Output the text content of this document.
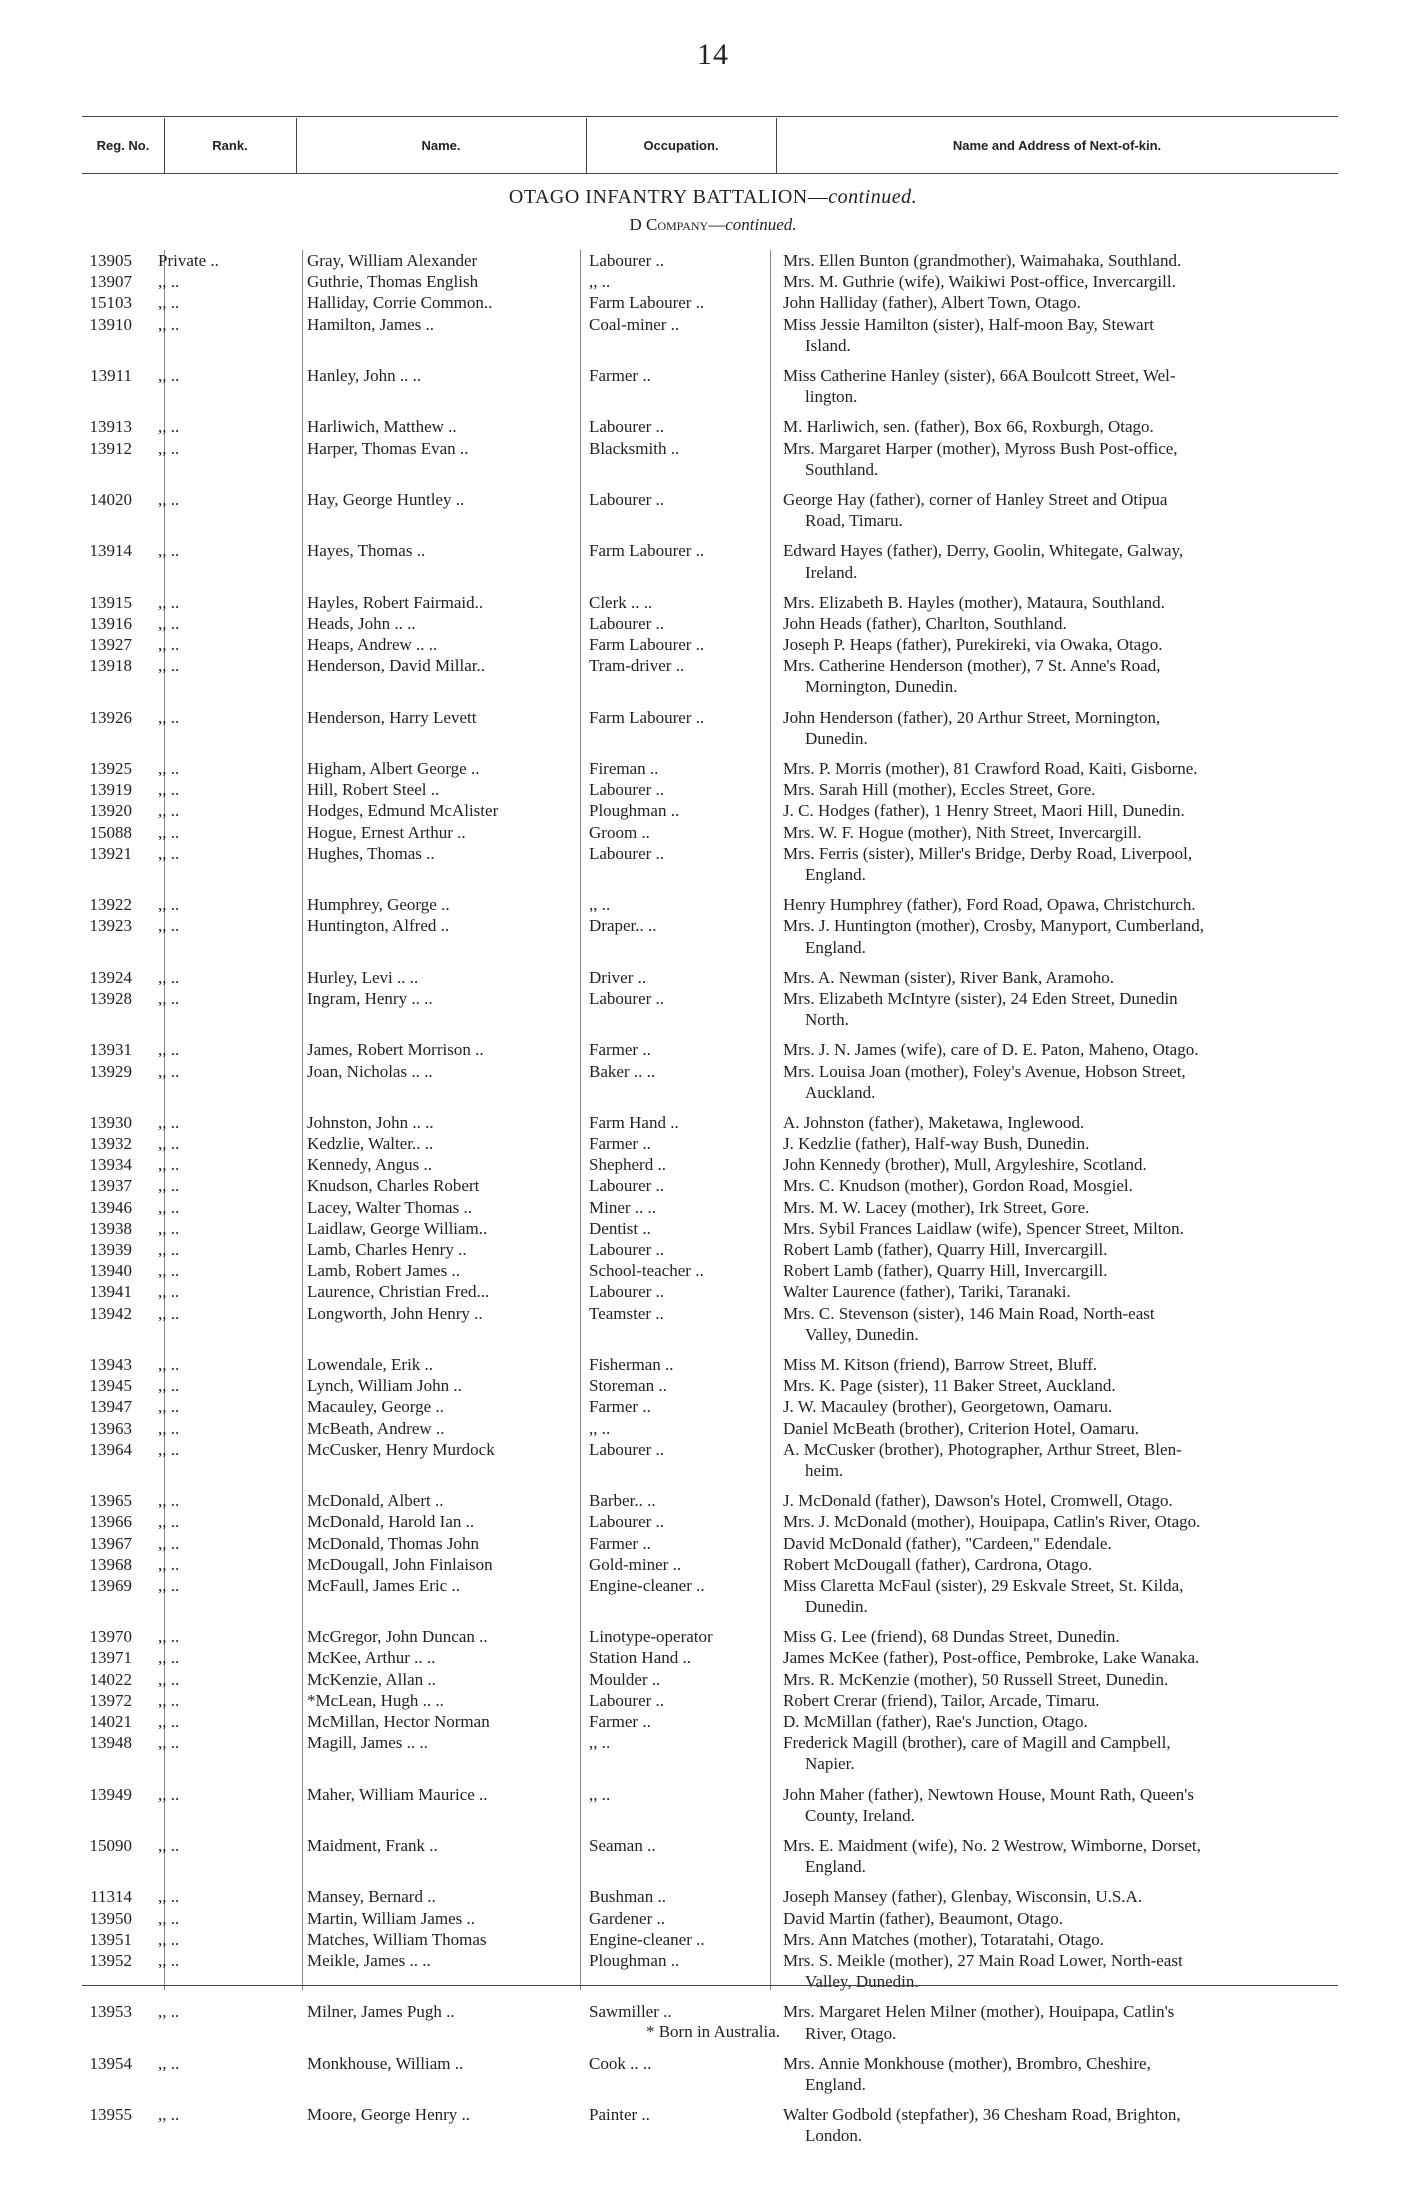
14
Reg. No.	Rank.	Name.	Occupation.	Name and Address of Next-of-kin.
OTAGO INFANTRY BATTALION—continued.
D Company—continued.
13905 Private ..	Gray, William Alexander	Labourer ..	Mrs. Ellen Bunton (grandmother), Waimahaka, Southland.
13907 ,, ..	Guthrie, Thomas English	,, ..	Mrs. M. Guthrie (wife), Waikiwi Post-office, Invercargill.
15103 ,, ..	Halliday, Corrie Common..	Farm Labourer ..	John Halliday (father), Albert Town, Otago.
13910 ,, ..	Hamilton, James ..	Coal-miner ..	Miss Jessie Hamilton (sister), Half-moon Bay, Stewart
Island.
13911 ,, ..	Hanley, John .. ..	Farmer ..	Miss Catherine Hanley (sister), 66A Boulcott Street, Wel-
lington.
13913 ,, ..	Harliwich, Matthew ..	Labourer ..	M. Harliwich, sen. (father), Box 66, Roxburgh, Otago.
13912 ,, ..	Harper, Thomas Evan ..	Blacksmith ..	Mrs. Margaret Harper (mother), Myross Bush Post-office,
Southland.
14020 ,, ..	Hay, George Huntley ..	Labourer ..	George Hay (father), corner of Hanley Street and Otipua
Road, Timaru.
13914 ,, ..	Hayes, Thomas ..	Farm Labourer ..	Edward Hayes (father), Derry, Goolin, Whitegate, Galway,
Ireland.
13915 ,, ..	Hayles, Robert Fairmaid..	Clerk .. ..	Mrs. Elizabeth B. Hayles (mother), Mataura, Southland.
13916 ,, ..	Heads, John .. ..	Labourer ..	John Heads (father), Charlton, Southland.
13927 ,, ..	Heaps, Andrew .. ..	Farm Labourer ..	Joseph P. Heaps (father), Purekireki, via Owaka, Otago.
13918 ,, ..	Henderson, David Millar..	Tram-driver ..	Mrs. Catherine Henderson (mother), 7 St. Anne's Road,
Mornington, Dunedin.
13926 ,, ..	Henderson, Harry Levett	Farm Labourer ..	John Henderson (father), 20 Arthur Street, Mornington,
Dunedin.
13925 ,, ..	Higham, Albert George ..	Fireman ..	Mrs. P. Morris (mother), 81 Crawford Road, Kaiti, Gisborne.
13919 ,, ..	Hill, Robert Steel ..	Labourer ..	Mrs. Sarah Hill (mother), Eccles Street, Gore.
13920 ,, ..	Hodges, Edmund McAlister	Ploughman ..	J. C. Hodges (father), 1 Henry Street, Maori Hill, Dunedin.
15088 ,, ..	Hogue, Ernest Arthur ..	Groom ..	Mrs. W. F. Hogue (mother), Nith Street, Invercargill.
13921 ,, ..	Hughes, Thomas ..	Labourer ..	Mrs. Ferris (sister), Miller's Bridge, Derby Road, Liverpool,
England.
13922 ,, ..	Humphrey, George ..	,, ..	Henry Humphrey (father), Ford Road, Opawa, Christchurch.
13923 ,, ..	Huntington, Alfred ..	Draper.. ..	Mrs. J. Huntington (mother), Crosby, Manyport, Cumberland,
England.
13924 ,, ..	Hurley, Levi .. ..	Driver ..	Mrs. A. Newman (sister), River Bank, Aramoho.
13928 ,, ..	Ingram, Henry .. ..	Labourer ..	Mrs. Elizabeth McIntyre (sister), 24 Eden Street, Dunedin
North.
13931 ,, ..	James, Robert Morrison ..	Farmer ..	Mrs. J. N. James (wife), care of D. E. Paton, Maheno, Otago.
13929 ,, ..	Joan, Nicholas .. ..	Baker .. ..	Mrs. Louisa Joan (mother), Foley's Avenue, Hobson Street,
Auckland.
13930 ,, ..	Johnston, John .. ..	Farm Hand ..	A. Johnston (father), Maketawa, Inglewood.
13932 ,, ..	Kedzlie, Walter.. ..	Farmer ..	J. Kedzlie (father), Half-way Bush, Dunedin.
13934 ,, ..	Kennedy, Angus ..	Shepherd ..	John Kennedy (brother), Mull, Argyleshire, Scotland.
13937 ,, ..	Knudson, Charles Robert	Labourer ..	Mrs. C. Knudson (mother), Gordon Road, Mosgiel.
13946 ,, ..	Lacey, Walter Thomas ..	Miner .. ..	Mrs. M. W. Lacey (mother), Irk Street, Gore.
13938 ,, ..	Laidlaw, George William..	Dentist ..	Mrs. Sybil Frances Laidlaw (wife), Spencer Street, Milton.
13939 ,, ..	Lamb, Charles Henry ..	Labourer ..	Robert Lamb (father), Quarry Hill, Invercargill.
13940 ,, ..	Lamb, Robert James ..	School-teacher ..	Robert Lamb (father), Quarry Hill, Invercargill.
13941 ,, ..	Laurence, Christian Fred...	Labourer ..	Walter Laurence (father), Tariki, Taranaki.
13942 ,, ..	Longworth, John Henry ..	Teamster ..	Mrs. C. Stevenson (sister), 146 Main Road, North-east
Valley, Dunedin.
13943 ,, ..	Lowendale, Erik ..	Fisherman ..	Miss M. Kitson (friend), Barrow Street, Bluff.
13945 ,, ..	Lynch, William John ..	Storeman ..	Mrs. K. Page (sister), 11 Baker Street, Auckland.
13947 ,, ..	Macauley, George ..	Farmer ..	J. W. Macauley (brother), Georgetown, Oamaru.
13963 ,, ..	McBeath, Andrew ..	,, ..	Daniel McBeath (brother), Criterion Hotel, Oamaru.
13964 ,, ..	McCusker, Henry Murdock	Labourer ..	A. McCusker (brother), Photographer, Arthur Street, Blen-
heim.
13965 ,, ..	McDonald, Albert ..	Barber.. ..	J. McDonald (father), Dawson's Hotel, Cromwell, Otago.
13966 ,, ..	McDonald, Harold Ian ..	Labourer ..	Mrs. J. McDonald (mother), Houipapa, Catlin's River, Otago.
13967 ,, ..	McDonald, Thomas John	Farmer ..	David McDonald (father), "Cardeen," Edendale.
13968 ,, ..	McDougall, John Finlaison	Gold-miner ..	Robert McDougall (father), Cardrona, Otago.
13969 ,, ..	McFaull, James Eric ..	Engine-cleaner ..	Miss Claretta McFaul (sister), 29 Eskvale Street, St. Kilda,
Dunedin.
13970 ,, ..	McGregor, John Duncan ..	Linotype-operator	Miss G. Lee (friend), 68 Dundas Street, Dunedin.
13971 ,, ..	McKee, Arthur .. ..	Station Hand ..	James McKee (father), Post-office, Pembroke, Lake Wanaka.
14022 ,, ..	McKenzie, Allan ..	Moulder ..	Mrs. R. McKenzie (mother), 50 Russell Street, Dunedin.
13972 ,, ..	*McLean, Hugh .. ..	Labourer ..	Robert Crerar (friend), Tailor, Arcade, Timaru.
14021 ,, ..	McMillan, Hector Norman	Farmer ..	D. McMillan (father), Rae's Junction, Otago.
13948 ,, ..	Magill, James .. ..	,, ..	Frederick Magill (brother), care of Magill and Campbell,
Napier.
13949 ,, ..	Maher, William Maurice ..	,, ..	John Maher (father), Newtown House, Mount Rath, Queen's
County, Ireland.
15090 ,, ..	Maidment, Frank ..	Seaman ..	Mrs. E. Maidment (wife), No. 2 Westrow, Wimborne, Dorset,
England.
11314 ,, ..	Mansey, Bernard ..	Bushman ..	Joseph Mansey (father), Glenbay, Wisconsin, U.S.A.
13950 ,, ..	Martin, William James ..	Gardener ..	David Martin (father), Beaumont, Otago.
13951 ,, ..	Matches, William Thomas	Engine-cleaner ..	Mrs. Ann Matches (mother), Totaratahi, Otago.
13952 ,, ..	Meikle, James .. ..	Ploughman ..	Mrs. S. Meikle (mother), 27 Main Road Lower, North-east
Valley, Dunedin.
13953 ,, ..	Milner, James Pugh ..	Sawmiller ..	Mrs. Margaret Helen Milner (mother), Houipapa, Catlin's
River, Otago.
13954 ,, ..	Monkhouse, William ..	Cook .. ..	Mrs. Annie Monkhouse (mother), Brombro, Cheshire,
England.
13955 ,, ..	Moore, George Henry ..	Painter ..	Walter Godbold (stepfather), 36 Chesham Road, Brighton,
London.
* Born in Australia.
